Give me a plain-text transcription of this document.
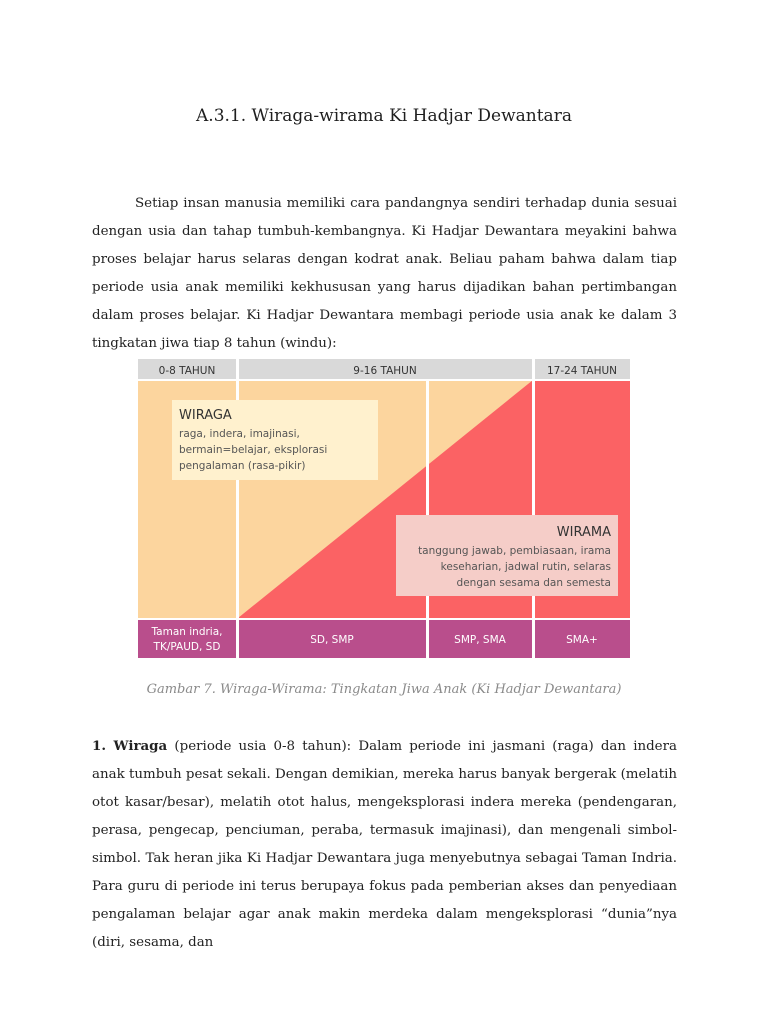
A.3.1. Wiraga-wirama Ki Hadjar Dewantara

Setiap insan manusia memiliki cara pandangnya sendiri terhadap dunia sesuai dengan usia dan tahap tumbuh-kembangnya. Ki Hadjar Dewantara meyakini bahwa proses belajar harus selaras dengan kodrat anak. Beliau paham bahwa dalam tiap periode usia anak memiliki kekhususan yang harus dijadikan bahan pertimbangan dalam proses belajar. Ki Hadjar Dewantara membagi periode usia anak ke dalam 3 tingkatan jiwa tiap 8 tahun (windu):

0-8 TAHUN	9-16 TAHUN	17-24 TAHUN
WIRAGA
raga, indera, imajinasi,
bermain=belajar, eksplorasi
pengalaman (rasa-pikir)
WIRAMA
tanggung jawab, pembiasaan, irama
keseharian, jadwal rutin, selaras
dengan sesama dan semesta
Taman indria,
TK/PAUD, SD
SD, SMP	SMP, SMA	SMA+

Gambar 7. Wiraga-Wirama: Tingkatan Jiwa Anak (Ki Hadjar Dewantara)

1. Wiraga (periode usia 0-8 tahun): Dalam periode ini jasmani (raga) dan indera anak tumbuh pesat sekali. Dengan demikian, mereka harus banyak bergerak (melatih otot kasar/besar), melatih otot halus, mengeksplorasi indera mereka (pendengaran, perasa, pengecap, penciuman, peraba, termasuk imajinasi), dan mengenali simbol-simbol. Tak heran jika Ki Hadjar Dewantara juga menyebutnya sebagai Taman Indria. Para guru di periode ini terus berupaya fokus pada pemberian akses dan penyediaan pengalaman belajar agar anak makin merdeka dalam mengeksplorasi “dunia”nya (diri, sesama, dan
